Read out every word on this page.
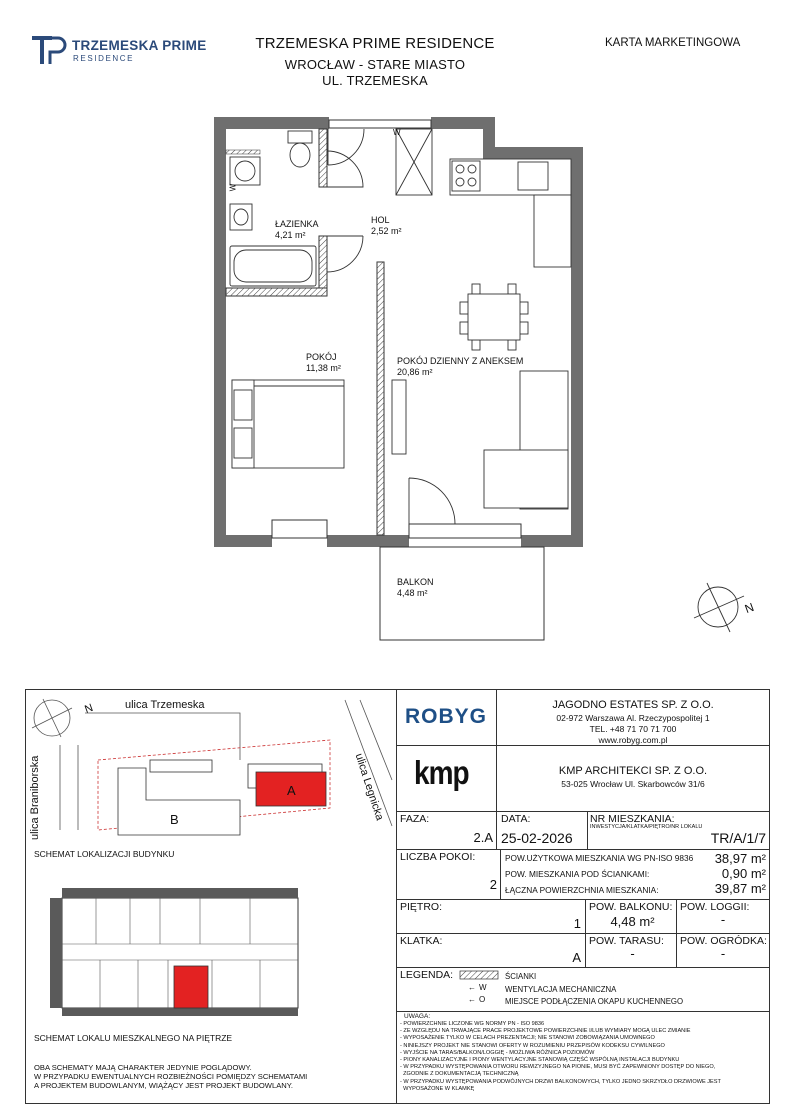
TRZEMESKA PRIME
RESIDENCE
TRZEMESKA PRIME RESIDENCE
WROCŁAW - STARE MIASTO
UL. TRZEMESKA
KARTA MARKETINGOWA
W
W
N
ŁAZIENKA
4,21 m²
HOL
2,52 m²
POKÓJ
11,38 m²
POKÓJ DZIENNY Z ANEKSEM
20,86 m²
BALKON
4,48 m²
ulica Trzemeska
ulica Braniborska	ulica Legnicka
N
A
B
SCHEMAT LOKALIZACJI BUDYNKU
SCHEMAT LOKALU MIESZKALNEGO NA PIĘTRZE
OBA SCHEMATY MAJĄ CHARAKTER JEDYNIE POGLĄDOWY.
W PRZYPADKU EWENTUALNYCH ROZBIEŻNOŚCI POMIĘDZY SCHEMATAMI
A PROJEKTEM BUDOWLANYM, WIĄŻĄCY JEST PROJEKT BUDOWLANY.
ROBYG	JAGODNO ESTATES SP. Z O.O.
02-972 Warszawa Al. Rzeczypospolitej 1
TEL. +48 71 70 71 700
www.robyg.com.pl
kmp	KMP ARCHITEKCI SP. Z O.O.
53-025 Wrocław Ul. Skarbowców 31/6
FAZA:
2.A
DATA:
25-02-2026
NR MIESZKANIA:
INWESTYCJA/KLATKA/PIĘTRO/NR LOKALU
TR/A/1/7
LICZBA POKOI:
2
POW.UŻYTKOWA MIESZKANIA WG PN-ISO 9836	38,97 m²
POW. MIESZKANIA POD ŚCIANKAMI:	0,90 m²
ŁĄCZNA POWIERZCHNIA MIESZKANIA:	39,87 m²
PIĘTRO:
1
POW. BALKONU:
4,48 m²
POW. LOGGII:
-
KLATKA:
A
POW. TARASU:
-
POW. OGRÓDKA:
-
LEGENDA:	ŚCIANKI
← W WENTYLACJA MECHANICZNA
← O	MIEJSCE PODŁĄCZENIA OKAPU KUCHENNEGO
UWAGA:
- POWIERZCHNIE LICZONE WG NORMY PN - ISO 9836
- ZE WZGLĘDU NA TRWAJĄCE PRACE PROJEKTOWE POWIERZCHNIE I/LUB WYMIARY MOGĄ ULEC ZMIANIE
- WYPOSAŻENIE TYLKO W CELACH PREZENTACJI; NIE STANOWI ZOBOWIĄZANIA UMOWNEGO
- NINIEJSZY PROJEKT NIE STANOWI OFERTY W ROZUMIENIU PRZEPISÓW KODEKSU CYWILNEGO
- WYJŚCIE NA TARAS/BALKON/LOGGIĘ - MOŻLIWA RÓŻNICA POZIOMÓW
- PIONY KANALIZACYJNE I PIONY WENTYLACYJNE STANOWIĄ CZĘŚĆ WSPÓLNĄ INSTALACJI BUDYNKU
- W PRZYPADKU WYSTĘPOWANIA OTWORU REWIZYJNEGO NA PIONIE, MUSI BYĆ ZAPEWNIONY DOSTĘP DO NIEGO,
ZGODNIE Z DOKUMENTACJĄ TECHNICZNĄ
- W PRZYPADKU WYSTĘPOWANIA PODWÓJNYCH DRZWI BALKONOWYCH, TYLKO JEDNO SKRZYDŁO DRZWIOWE JEST
WYPOSAŻONE W KLAMKĘ
